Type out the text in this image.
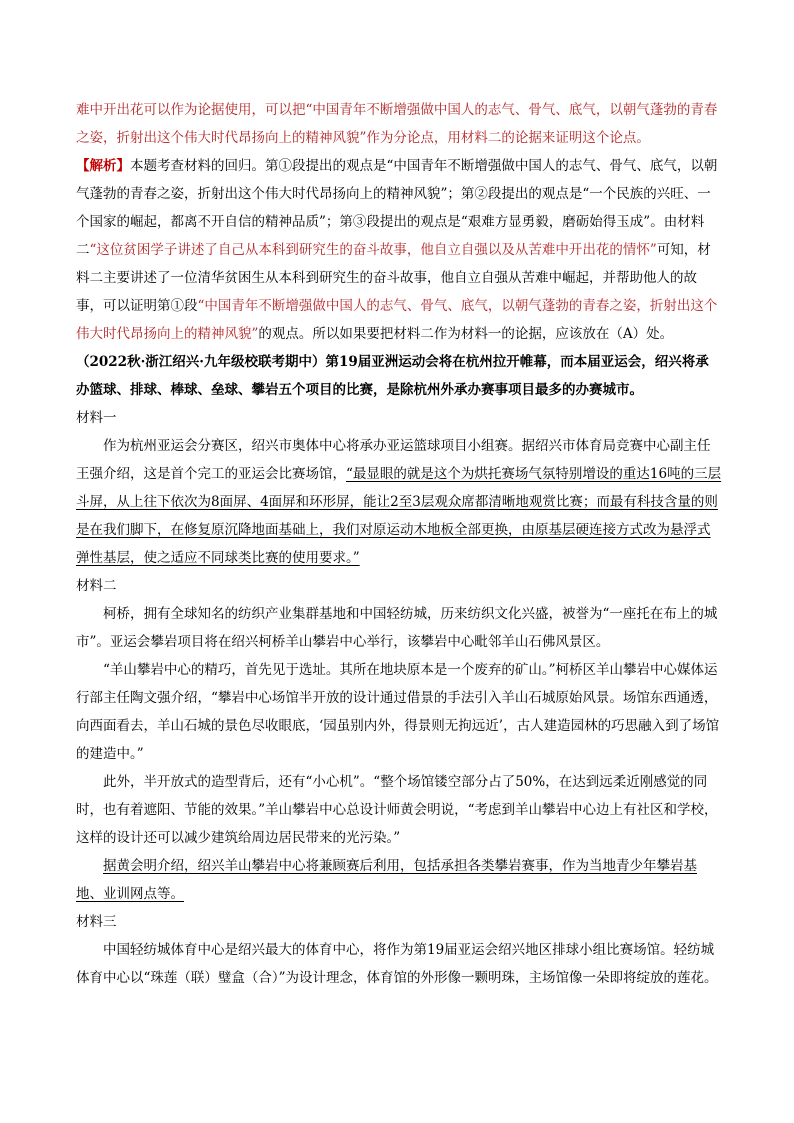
难中开出花可以作为论据使用，可以把“中国青年不断增强做中国人的志气、骨气、底气，以朝气蓬勃的青春之姿，折射出这个伟大时代昂扬向上的精神风貌”作为分论点，用材料二的论据来证明这个论点。

【解析】本题考查材料的回归。第①段提出的观点是“中国青年不断增强做中国人的志气、骨气、底气，以朝气蓬勃的青春之姿，折射出这个伟大时代昂扬向上的精神风貌”；第②段提出的观点是“一个民族的兴旺、一个国家的崛起，都离不开自信的精神品质”；第③段提出的观点是“艰难方显勇毅，磨砺始得玉成”。由材料二“这位贫困学子讲述了自己从本科到研究生的奋斗故事，他自立自强以及从苦难中开出花的情怀”可知，材料二主要讲述了一位清华贫困生从本科到研究生的奋斗故事，他自立自强从苦难中崛起，并帮助他人的故事，可以证明第①段“中国青年不断增强做中国人的志气、骨气、底气，以朝气蓬勃的青春之姿，折射出这个伟大时代昂扬向上的精神风貌”的观点。所以如果要把材料二作为材料一的论据，应该放在（A）处。

（2022秋·浙江绍兴·九年级校联考期中）第19届亚洲运动会将在杭州拉开帷幕，而本届亚运会，绍兴将承办篮球、排球、棒球、垒球、攀岩五个项目的比赛，是除杭州外承办赛事项目最多的办赛城市。

材料一

作为杭州亚运会分赛区，绍兴市奥体中心将承办亚运篮球项目小组赛。据绍兴市体育局竞赛中心副主任王强介绍，这是首个完工的亚运会比赛场馆，“最显眼的就是这个为烘托赛场气氛特别增设的重达16吨的三层斗屏，从上往下依次为8面屏、4面屏和环形屏，能让2至3层观众席都清晰地观赏比赛；而最有科技含量的则是在我们脚下，在修复原沉降地面基础上，我们对原运动木地板全部更换，由原基层硬连接方式改为悬浮式弹性基层，使之适应不同球类比赛的使用要求。”

材料二

柯桥，拥有全球知名的纺织产业集群基地和中国轻纺城，历来纺织文化兴盛，被誉为“一座托在布上的城市”。亚运会攀岩项目将在绍兴柯桥羊山攀岩中心举行，该攀岩中心毗邻羊山石佛风景区。

“羊山攀岩中心的精巧，首先见于选址。其所在地块原本是一个废弃的矿山。”柯桥区羊山攀岩中心媒体运行部主任陶文强介绍，“攀岩中心场馆半开放的设计通过借景的手法引入羊山石城原始风景。场馆东西通透，向西面看去，羊山石城的景色尽收眼底，‘园虽别内外，得景则无拘远近’，古人建造园林的巧思融入到了场馆的建造中。”

此外，半开放式的造型背后，还有“小心机”。“整个场馆镂空部分占了50%，在达到远柔近刚感觉的同时，也有着遮阳、节能的效果。”羊山攀岩中心总设计师黄会明说，“考虑到羊山攀岩中心边上有社区和学校，这样的设计还可以减少建筑给周边居民带来的光污染。”

据黄会明介绍，绍兴羊山攀岩中心将兼顾赛后利用，包括承担各类攀岩赛事，作为当地青少年攀岩基地、业训网点等。

材料三

中国轻纺城体育中心是绍兴最大的体育中心，将作为第19届亚运会绍兴地区排球小组比赛场馆。轻纺城体育中心以“珠莲（联）璧盒（合）”为设计理念，体育馆的外形像一颗明珠，主场馆像一朵即将绽放的莲花。
